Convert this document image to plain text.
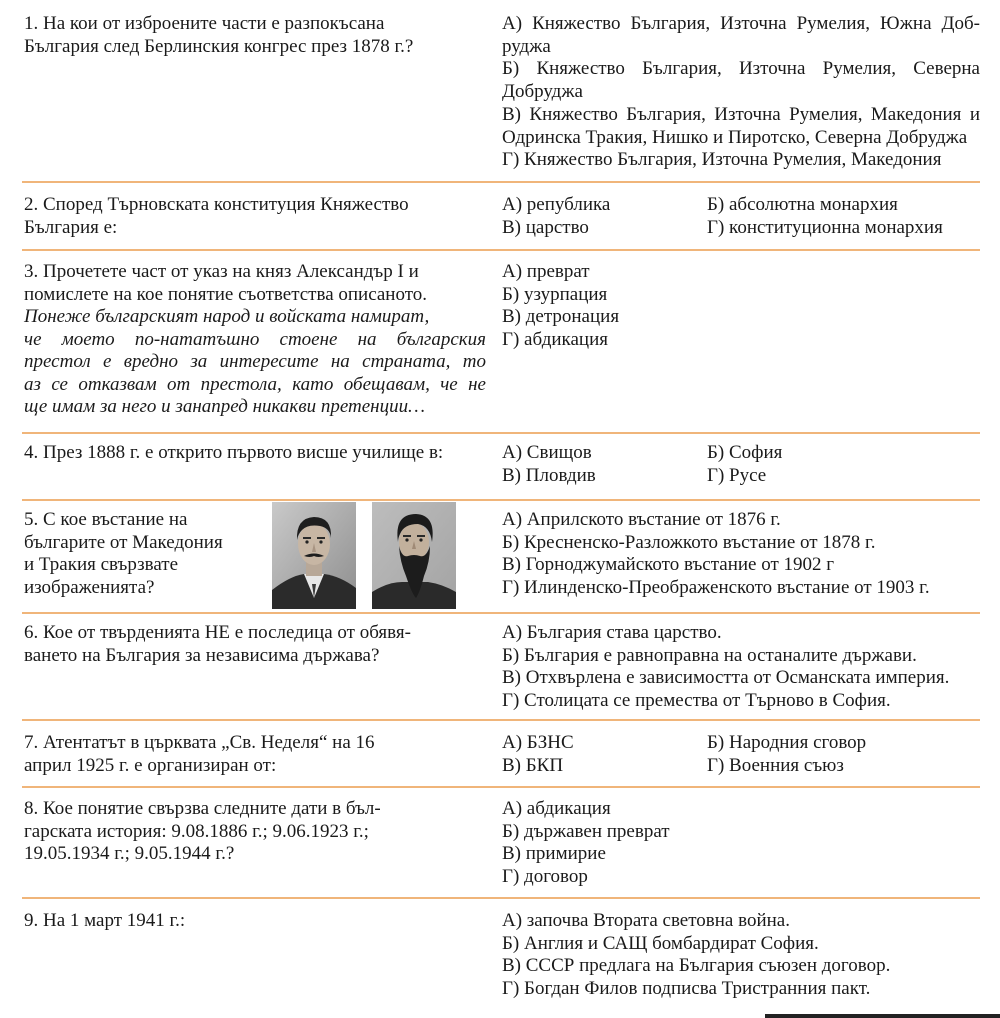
1. На кои от изброените части е разпокъсана
България след Берлинския конгрес през 1878 г.?
А) Княжество България, Източна Румелия, Южна Доб-
руджа
Б) Княжество България, Източна Румелия, Северна
Добруджа
В) Княжество България, Източна Румелия, Македония и
Одринска Тракия, Нишко и Пиротско, Северна Добруджа
Г) Княжество България, Източна Румелия, Македония
2. Според Търновската конституция Княжество
България е:
А) република	Б) абсолютна монархия
В) царство	Г) конституционна монархия
3. Прочетете част от указ на княз Александър I и
помислете на кое понятие съответства описаното.
Понеже българският народ и войската намират,
че моето по-нататъшно стоене на българския
престол е вредно за интересите на страната, то
аз се отказвам от престола, като обещавам, че не
ще имам за него и занапред никакви претенции…
А) преврат
Б) узурпация
В) детронация
Г) абдикация
4. През 1888 г. е открито първото висше училище в:	А) Свищов	Б) София
В) Пловдив	Г) Русе
5. С кое въстание на
българите от Македония
и Тракия свързвате
изображенията?
А) Априлското въстание от 1876 г.
Б) Кресненско-Разложкото въстание от 1878 г.
В) Горноджумайското въстание от 1902 г
Г) Илинденско-Преображенското въстание от 1903 г.
6. Кое от твърденията НЕ е последица от обявя-
ването на България за независима държава?
А) България става царство.
Б) България е равноправна на останалите държави.
В) Отхвърлена е зависимостта от Османската империя.
Г) Столицата се премества от Търново в София.
7. Атентатът в църквата „Св. Неделя“ на 16
април 1925 г. е организиран от:
А) БЗНС	Б) Народния сговор
В) БКП	Г) Военния съюз
8. Кое понятие свързва следните дати в бъл-
гарската история: 9.08.1886 г.; 9.06.1923 г.;
19.05.1934 г.; 9.05.1944 г.?
А) абдикация
Б) държавен преврат
В) примирие
Г) договор
9. На 1 март 1941 г.:	А) започва Втората световна война.
Б) Англия и САЩ бомбардират София.
В) СССР предлага на България съюзен договор.
Г) Богдан Филов подписва Тристранния пакт.
